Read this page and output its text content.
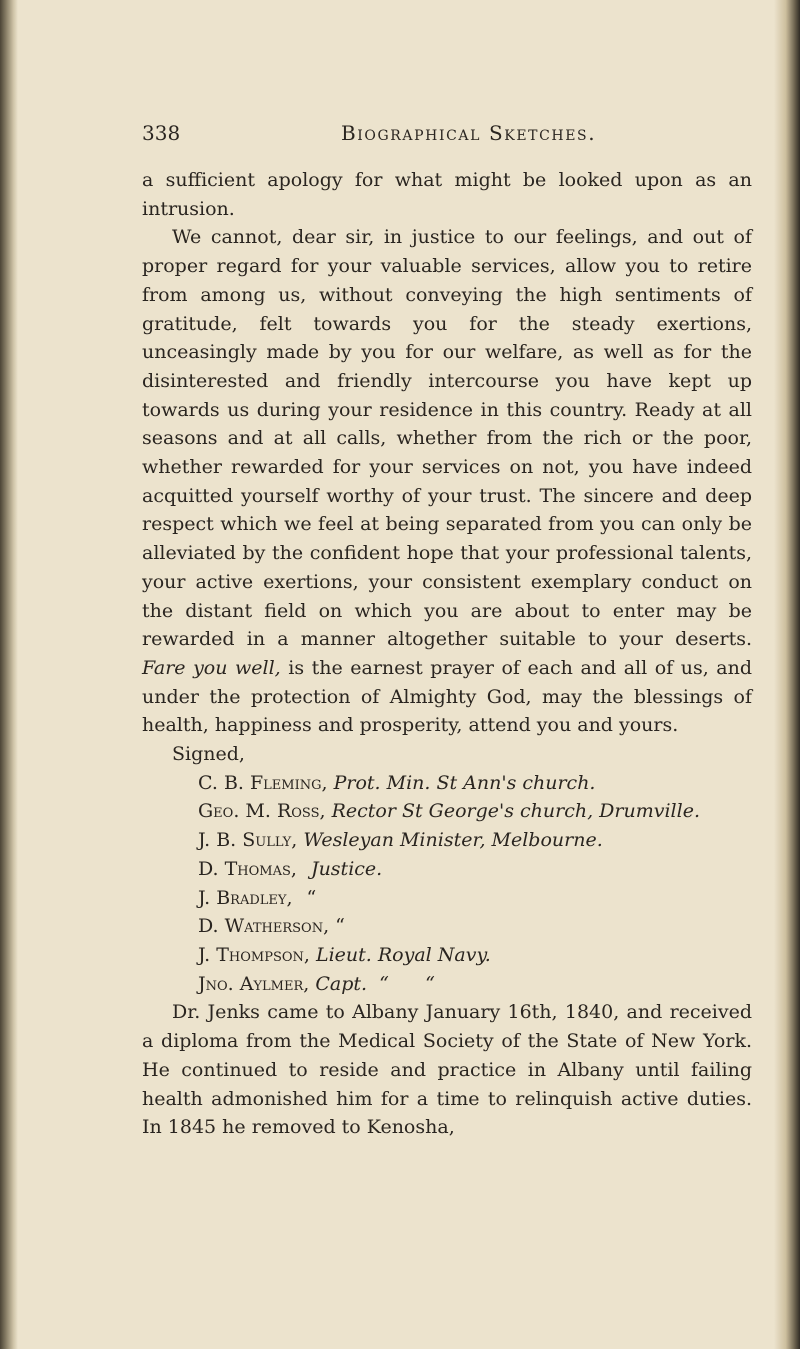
338	Biographical Sketches.

a sufficient apology for what might be looked upon as an intrusion.

We cannot, dear sir, in justice to our feelings, and out of proper regard for your valuable services, allow you to retire from among us, without conveying the high sentiments of gratitude, felt towards you for the steady exertions, unceasingly made by you for our welfare, as well as for the disinterested and friendly intercourse you have kept up towards us during your residence in this country. Ready at all seasons and at all calls, whether from the rich or the poor, whether rewarded for your services on not, you have indeed acquitted yourself worthy of your trust. The sincere and deep respect which we feel at being separated from you can only be alleviated by the confident hope that your professional talents, your active exertions, your consistent exemplary conduct on the distant field on which you are about to enter may be rewarded in a manner altogether suitable to your deserts. Fare you well, is the earnest prayer of each and all of us, and under the protection of Almighty God, may the blessings of health, happiness and prosperity, attend you and yours.

Signed,

C. B. Fleming, Prot. Min. St Ann's church.

Geo. M. Ross, Rector St George's church, Drumville.

J. B. Sully, Wesleyan Minister, Melbourne.

D. Thomas, Justice.

J. Bradley, “

D. Watherson, “

J. Thompson, Lieut. Royal Navy.

Jno. Aylmer, Capt.  “      “

Dr. Jenks came to Albany January 16th, 1840, and received a diploma from the Medical Society of the State of New York. He continued to reside and practice in Albany until failing health admonished him for a time to relinquish active duties. In 1845 he removed to Kenosha,
